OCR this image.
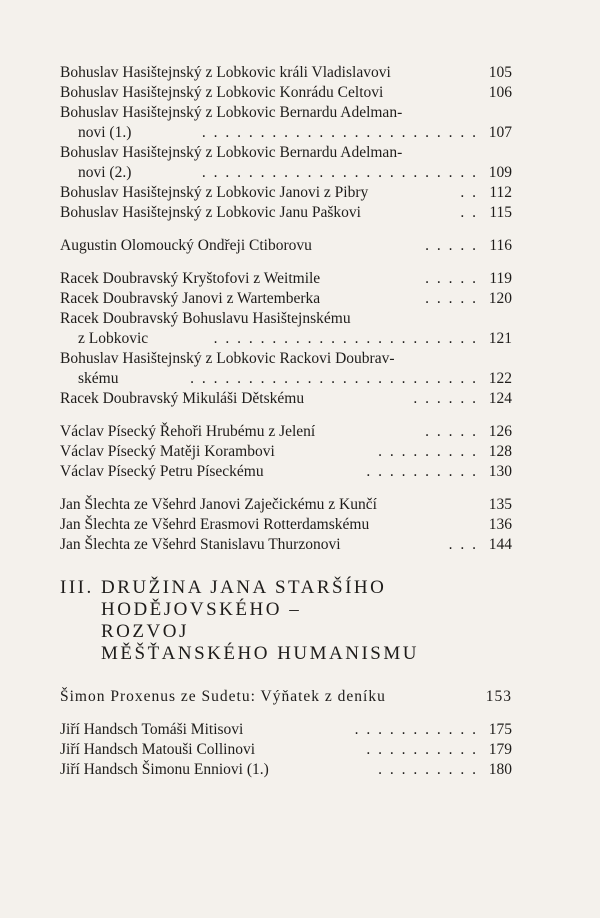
Bohuslav Hasištejnský z Lobkovic králi Vladislavovi	105
Bohuslav Hasištejnský z Lobkovic Konrádu Celtovi	106
Bohuslav Hasištejnský z Lobkovic Bernardu Adelman-
novi (1.)	. . . . . . . . . . . . . . . . . . . . . . . . 107
Bohuslav Hasištejnský z Lobkovic Bernardu Adelman-
novi (2.)	. . . . . . . . . . . . . . . . . . . . . . . . 109
Bohuslav Hasištejnský z Lobkovic Janovi z Pibry	. . 112
Bohuslav Hasištejnský z Lobkovic Janu Paškovi	. . 115
Augustin Olomoucký Ondřeji Ctiborovu	. . . . . 116
Racek Doubravský Kryštofovi z Weitmile	. . . . . 119
Racek Doubravský Janovi z Wartemberka	. . . . . 120
Racek Doubravský Bohuslavu Hasištejnskému
z Lobkovic	. . . . . . . . . . . . . . . . . . . . . . . 121
Bohuslav Hasištejnský z Lobkovic Rackovi Doubrav-
skému	. . . . . . . . . . . . . . . . . . . . . . . . . 122
Racek Doubravský Mikuláši Dětskému	. . . . . . 124
Václav Písecký Řehoři Hrubému z Jelení	. . . . . 126
Václav Písecký Matěji Korambovi	. . . . . . . . . 128
Václav Písecký Petru Píseckému	. . . . . . . . . . 130
Jan Šlechta ze Všehrd Janovi Zaječickému z Kunčí	135
Jan Šlechta ze Všehrd Erasmovi Rotterdamskému	136
Jan Šlechta ze Všehrd Stanislavu Thurzonovi	. . . 144
III. DRUŽINA JANA STARŠÍHO
HODĚJOVSKÉHO –
ROZVOJ
MĚŠŤANSKÉHO HUMANISMU
Šimon Proxenus ze Sudetu: Výňatek z deníku	153
Jiří Handsch Tomáši Mitisovi	. . . . . . . . . . . 175
Jiří Handsch Matouši Collinovi	. . . . . . . . . . 179
Jiří Handsch Šimonu Enniovi (1.)	. . . . . . . . . 180
